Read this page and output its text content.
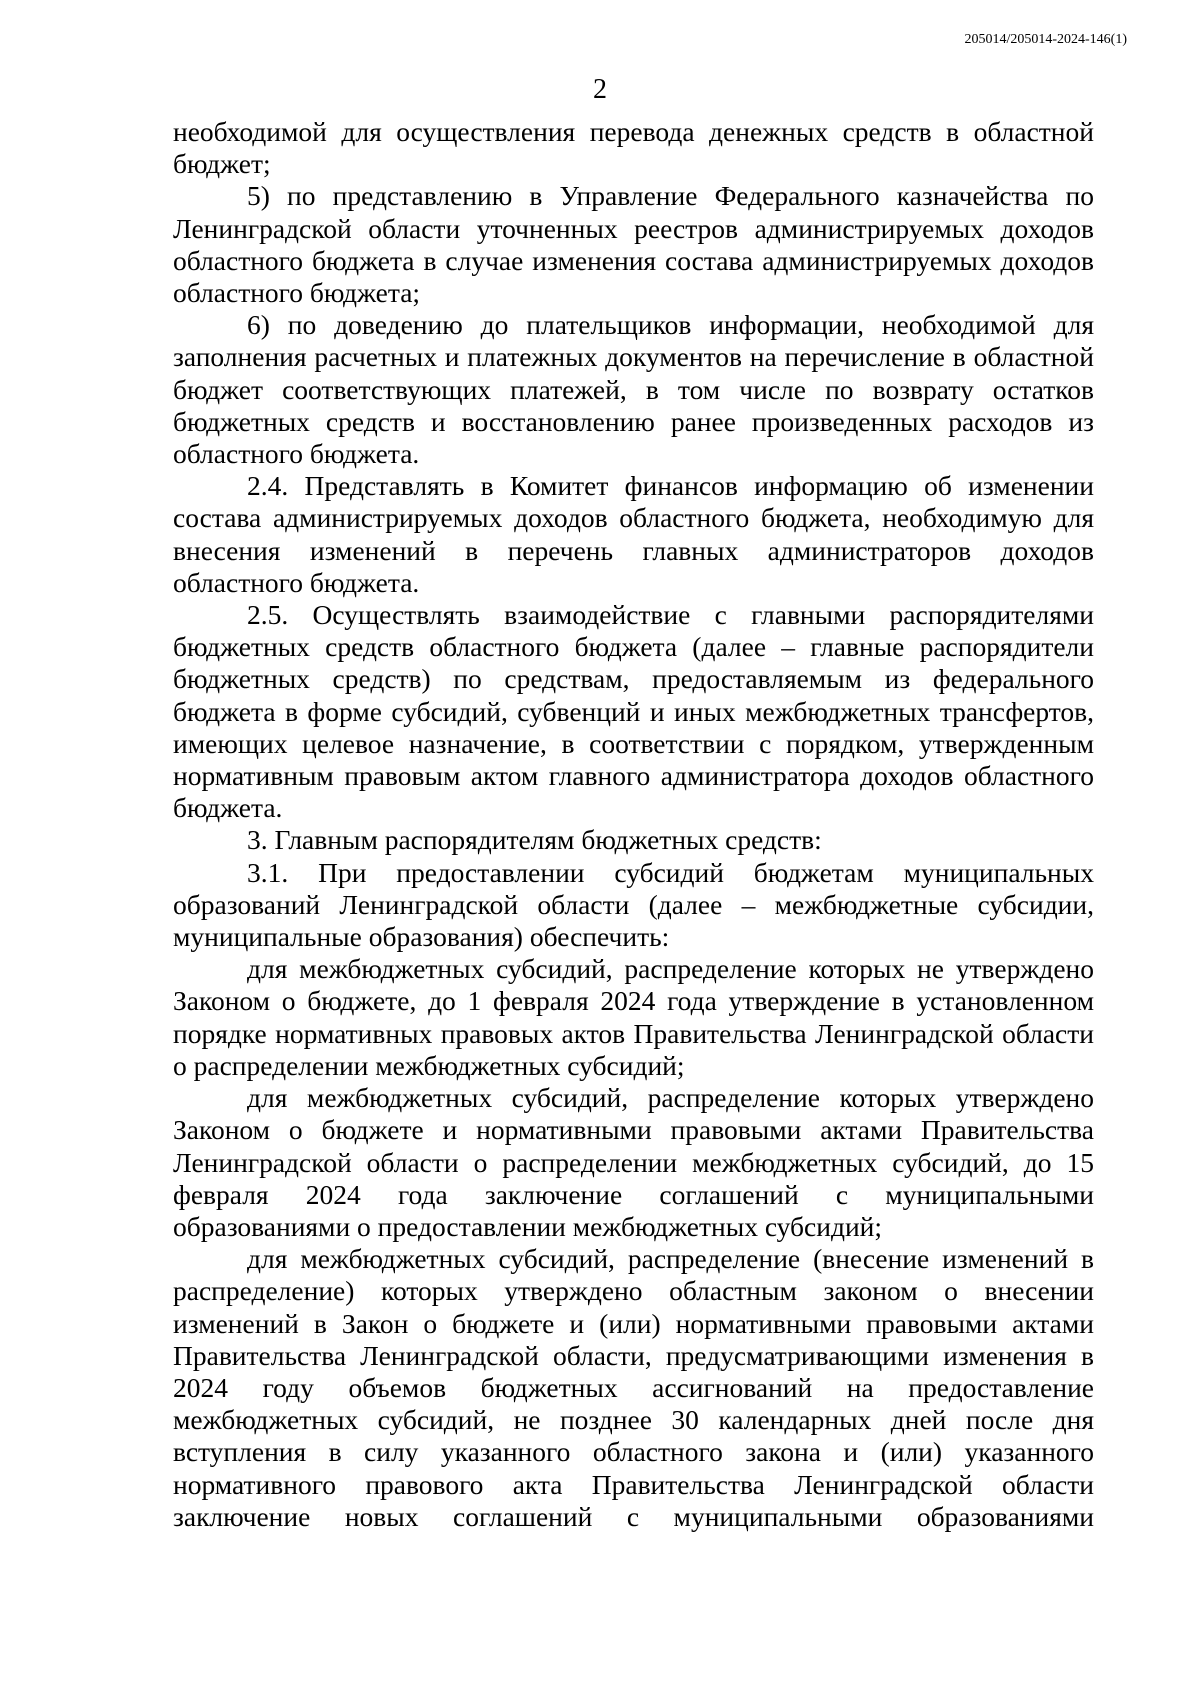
205014/205014-2024-146(1)
2

необходимой для осуществления перевода денежных средств в областной бюджет;

5) по представлению в Управление Федерального казначейства по Ленинградской области уточненных реестров администрируемых доходов областного бюджета в случае изменения состава администрируемых доходов областного бюджета;

6) по доведению до плательщиков информации, необходимой для заполнения расчетных и платежных документов на перечисление в областной бюджет соответствующих платежей, в том числе по возврату остатков бюджетных средств и восстановлению ранее произведенных расходов из областного бюджета.

2.4. Представлять в Комитет финансов информацию об изменении состава администрируемых доходов областного бюджета, необходимую для внесения изменений в перечень главных администраторов доходов областного бюджета.

2.5. Осуществлять взаимодействие с главными распорядителями бюджетных средств областного бюджета (далее – главные распорядители бюджетных средств) по средствам, предоставляемым из федерального бюджета в форме субсидий, субвенций и иных межбюджетных трансфертов, имеющих целевое назначение, в соответствии с порядком, утвержденным нормативным правовым актом главного администратора доходов областного бюджета.

3. Главным распорядителям бюджетных средств:

3.1. При предоставлении субсидий бюджетам муниципальных образований Ленинградской области (далее – межбюджетные субсидии, муниципальные образования) обеспечить:

для межбюджетных субсидий, распределение которых не утверждено Законом о бюджете, до 1 февраля 2024 года утверждение в установленном порядке нормативных правовых актов Правительства Ленинградской области о распределении межбюджетных субсидий;

для межбюджетных субсидий, распределение которых утверждено Законом о бюджете и нормативными правовыми актами Правительства Ленинградской области о распределении межбюджетных субсидий, до 15 февраля 2024 года заключение соглашений с муниципальными образованиями о предоставлении межбюджетных субсидий;

для межбюджетных субсидий, распределение (внесение изменений в распределение) которых утверждено областным законом о внесении изменений в Закон о бюджете и (или) нормативными правовыми актами Правительства Ленинградской области, предусматривающими изменения в 2024 году объемов бюджетных ассигнований на предоставление межбюджетных субсидий, не позднее 30 календарных дней после дня вступления в силу указанного областного закона и (или) указанного нормативного правового акта Правительства Ленинградской области заключение новых соглашений с муниципальными образованиями
